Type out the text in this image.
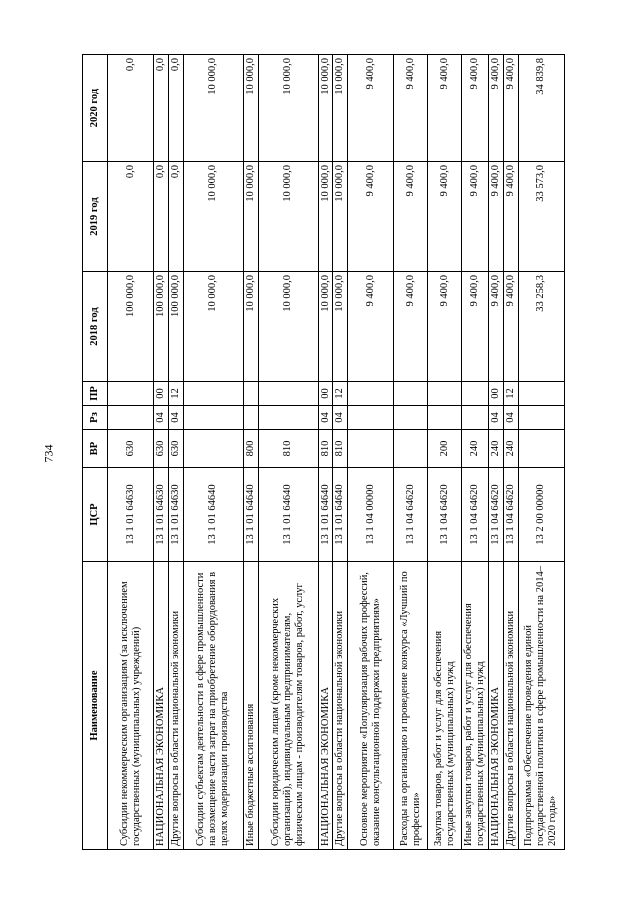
734
Наименование	ЦСР	ВР	Рз	ПР	2018 год	2019 год	2020 год
Субсидии некоммерческим организациям (за исключением государственных (муниципальных) учреждений)	13 1 01 64630	630			100 000,0	0,0	0,0
НАЦИОНАЛЬНАЯ ЭКОНОМИКА	13 1 01 64630	630	04	00	100 000,0	0,0	0,0
Другие вопросы в области национальной экономики	13 1 01 64630	630	04	12	100 000,0	0,0	0,0
Субсидии субъектам деятельности в сфере промышленности на возмещение части затрат на приобретение оборудования в целях модернизации производства	13 1 01 64640				10 000,0	10 000,0	10 000,0
Иные бюджетные ассигнования	13 1 01 64640	800			10 000,0	10 000,0	10 000,0
Субсидии юридическим лицам (кроме некоммерческих организаций), индивидуальным предпринимателям, физическим лицам - производителям товаров, работ, услуг	13 1 01 64640	810			10 000,0	10 000,0	10 000,0
НАЦИОНАЛЬНАЯ ЭКОНОМИКА	13 1 01 64640	810	04	00	10 000,0	10 000,0	10 000,0
Другие вопросы в области национальной экономики	13 1 01 64640	810	04	12	10 000,0	10 000,0	10 000,0
Основное мероприятие «Популяризация рабочих профессий, оказание консультационной поддержки предприятиям»	13 1 04 00000				9 400,0	9 400,0	9 400,0
Расходы на организацию и проведение конкурса «Лучший по профессии»	13 1 04 64620				9 400,0	9 400,0	9 400,0
Закупка товаров, работ и услуг для обеспечения государственных (муниципальных) нужд	13 1 04 64620	200			9 400,0	9 400,0	9 400,0
Иные закупки товаров, работ и услуг для обеспечения государственных (муниципальных) нужд	13 1 04 64620	240			9 400,0	9 400,0	9 400,0
НАЦИОНАЛЬНАЯ ЭКОНОМИКА	13 1 04 64620	240	04	00	9 400,0	9 400,0	9 400,0
Другие вопросы в области национальной экономики	13 1 04 64620	240	04	12	9 400,0	9 400,0	9 400,0
Подпрограмма «Обеспечение проведения единой государственной политики в сфере промышленности на 2014–2020 годы»	13 2 00 00000				33 258,3	33 573,0	34 839,8
